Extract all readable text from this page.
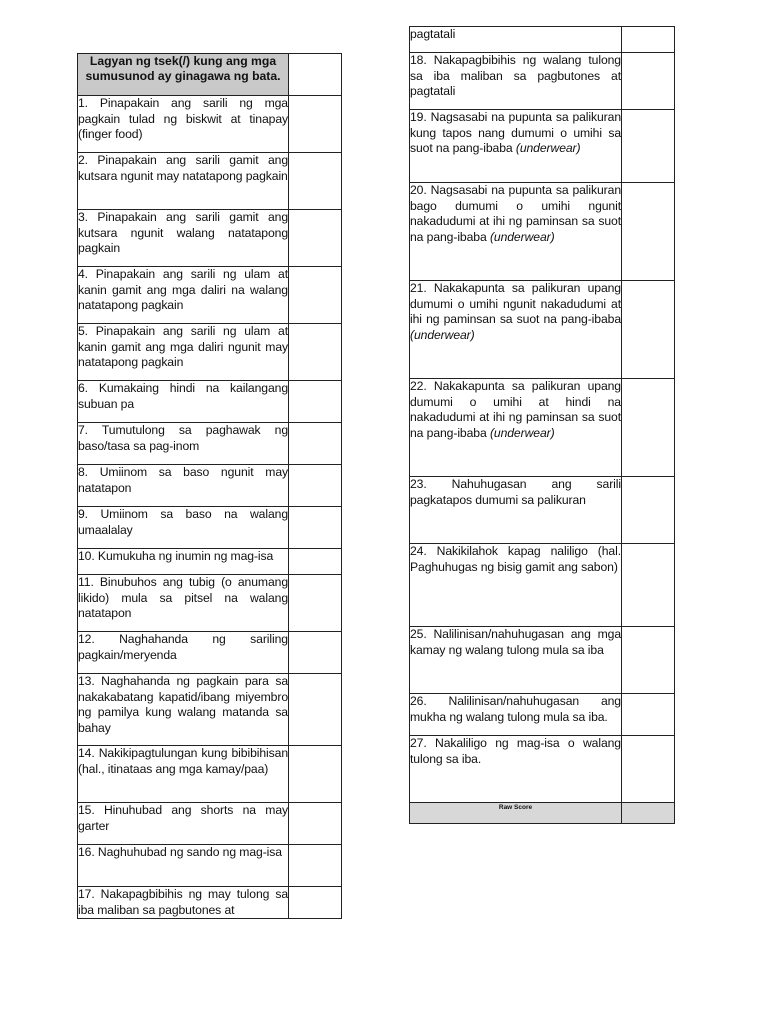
Lagyan ng tsek(/) kung ang mga sumusunod ay ginagawa ng bata.	
1. Pinapakain ang sarili ng mga pagkain tulad ng biskwit at tinapay (finger food)	
2. Pinapakain ang sarili gamit ang kutsara ngunit may natatapong pagkain	
3. Pinapakain ang sarili gamit ang kutsara ngunit walang natatapong pagkain	
4. Pinapakain ang sarili ng ulam at kanin gamit ang mga daliri na walang natatapong pagkain	
5. Pinapakain ang sarili ng ulam at kanin gamit ang mga daliri ngunit may natatapong pagkain	
6. Kumakaing hindi na kailangang subuan pa	
7. Tumutulong sa paghawak ng baso/tasa sa pag-inom	
8. Umiinom sa baso ngunit may natatapon	
9. Umiinom sa baso na walang umaalalay	
10. Kumukuha ng inumin ng mag-isa	
11. Binubuhos ang tubig (o anumang likido) mula sa pitsel na walang natatapon	
12. Naghahanda ng sariling pagkain/meryenda	
13. Naghahanda ng pagkain para sa nakakabatang kapatid/ibang miyembro ng pamilya kung walang matanda sa bahay	
14. Nakikipagtulungan kung bibibihisan (hal., itinataas ang mga kamay/paa)	
15. Hinuhubad ang shorts na may garter	
16. Naghuhubad ng sando ng mag-isa	
17. Nakapagbibihis ng may tulong sa iba maliban sa pagbutones at	
pagtatali	
18. Nakapagbibihis ng walang tulong sa iba maliban sa pagbutones at pagtatali	
19. Nagsasabi na pupunta sa palikuran kung tapos nang dumumi o umihi sa suot na pang-ibaba (underwear)	
20. Nagsasabi na pupunta sa palikuran bago dumumi o umihi ngunit nakadudumi at ihi ng paminsan sa suot na pang-ibaba (underwear)	
21. Nakakapunta sa palikuran upang dumumi o umihi ngunit nakadudumi at ihi ng paminsan sa suot na pang-ibaba (underwear)	
22. Nakakapunta sa palikuran upang dumumi o umihi at hindi na nakadudumi at ihi ng paminsan sa suot na pang-ibaba (underwear)	
23. Nahuhugasan ang sarili pagkatapos dumumi sa palikuran	
24. Nakikilahok kapag naliligo (hal. Paghuhugas ng bisig gamit ang sabon)	
25. Nalilinisan/nahuhugasan ang mga kamay ng walang tulong mula sa iba	
26. Nalilinisan/nahuhugasan ang mukha ng walang tulong mula sa iba.	
27. Nakaliligo ng mag-isa o walang tulong sa iba.	
Raw Score	
